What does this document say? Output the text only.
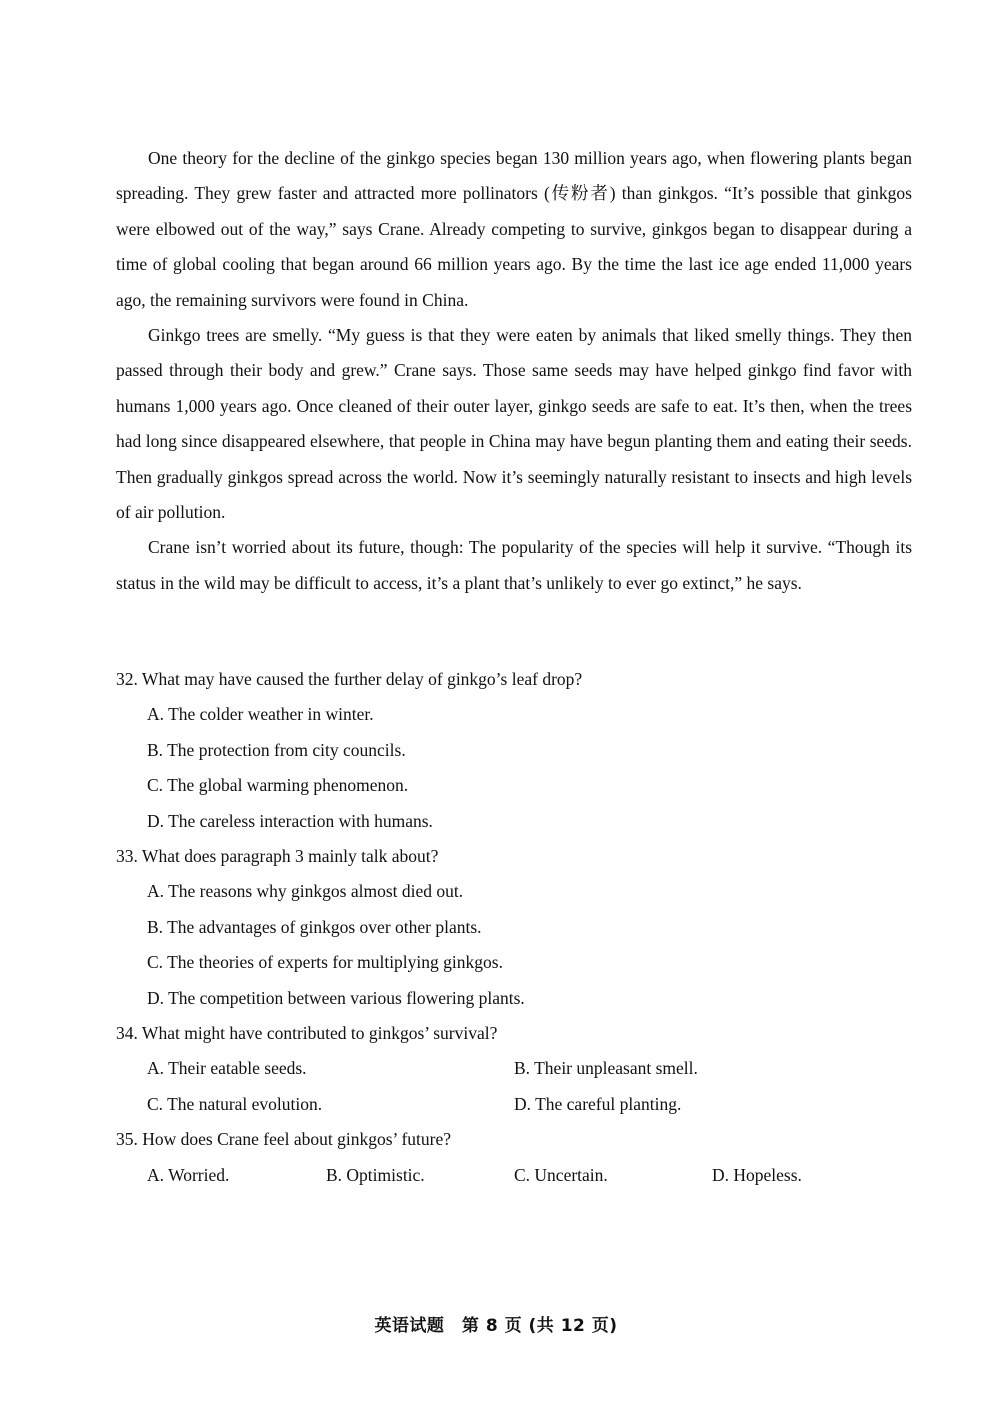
One theory for the decline of the ginkgo species began 130 million years ago, when flowering plants began spreading. They grew faster and attracted more pollinators (传粉者) than ginkgos. “It’s possible that ginkgos were elbowed out of the way,” says Crane. Already competing to survive, ginkgos began to disappear during a time of global cooling that began around 66 million years ago. By the time the last ice age ended 11,000 years ago, the remaining survivors were found in China.

Ginkgo trees are smelly. “My guess is that they were eaten by animals that liked smelly things. They then passed through their body and grew.” Crane says. Those same seeds may have helped ginkgo find favor with humans 1,000 years ago. Once cleaned of their outer layer, ginkgo seeds are safe to eat. It’s then, when the trees had long since disappeared elsewhere, that people in China may have begun planting them and eating their seeds. Then gradually ginkgos spread across the world. Now it’s seemingly naturally resistant to insects and high levels of air pollution.

Crane isn’t worried about its future, though: The popularity of the species will help it survive. “Though its status in the wild may be difficult to access, it’s a plant that’s unlikely to ever go extinct,” he says.

32. What may have caused the further delay of ginkgo’s leaf drop?

A. The colder weather in winter.
B. The protection from city councils.
C. The global warming phenomenon.
D. The careless interaction with humans.

33. What does paragraph 3 mainly talk about?

A. The reasons why ginkgos almost died out.
B. The advantages of ginkgos over other plants.
C. The theories of experts for multiplying ginkgos.
D. The competition between various flowering plants.

34. What might have contributed to ginkgos’ survival?

A. Their eatable seeds.	B. Their unpleasant smell.
C. The natural evolution.	D. The careful planting.

35. How does Crane feel about ginkgos’ future?

A. Worried.	B. Optimistic.	C. Uncertain.	D. Hopeless.
英语试题　第 8 页 (共 12 页)
